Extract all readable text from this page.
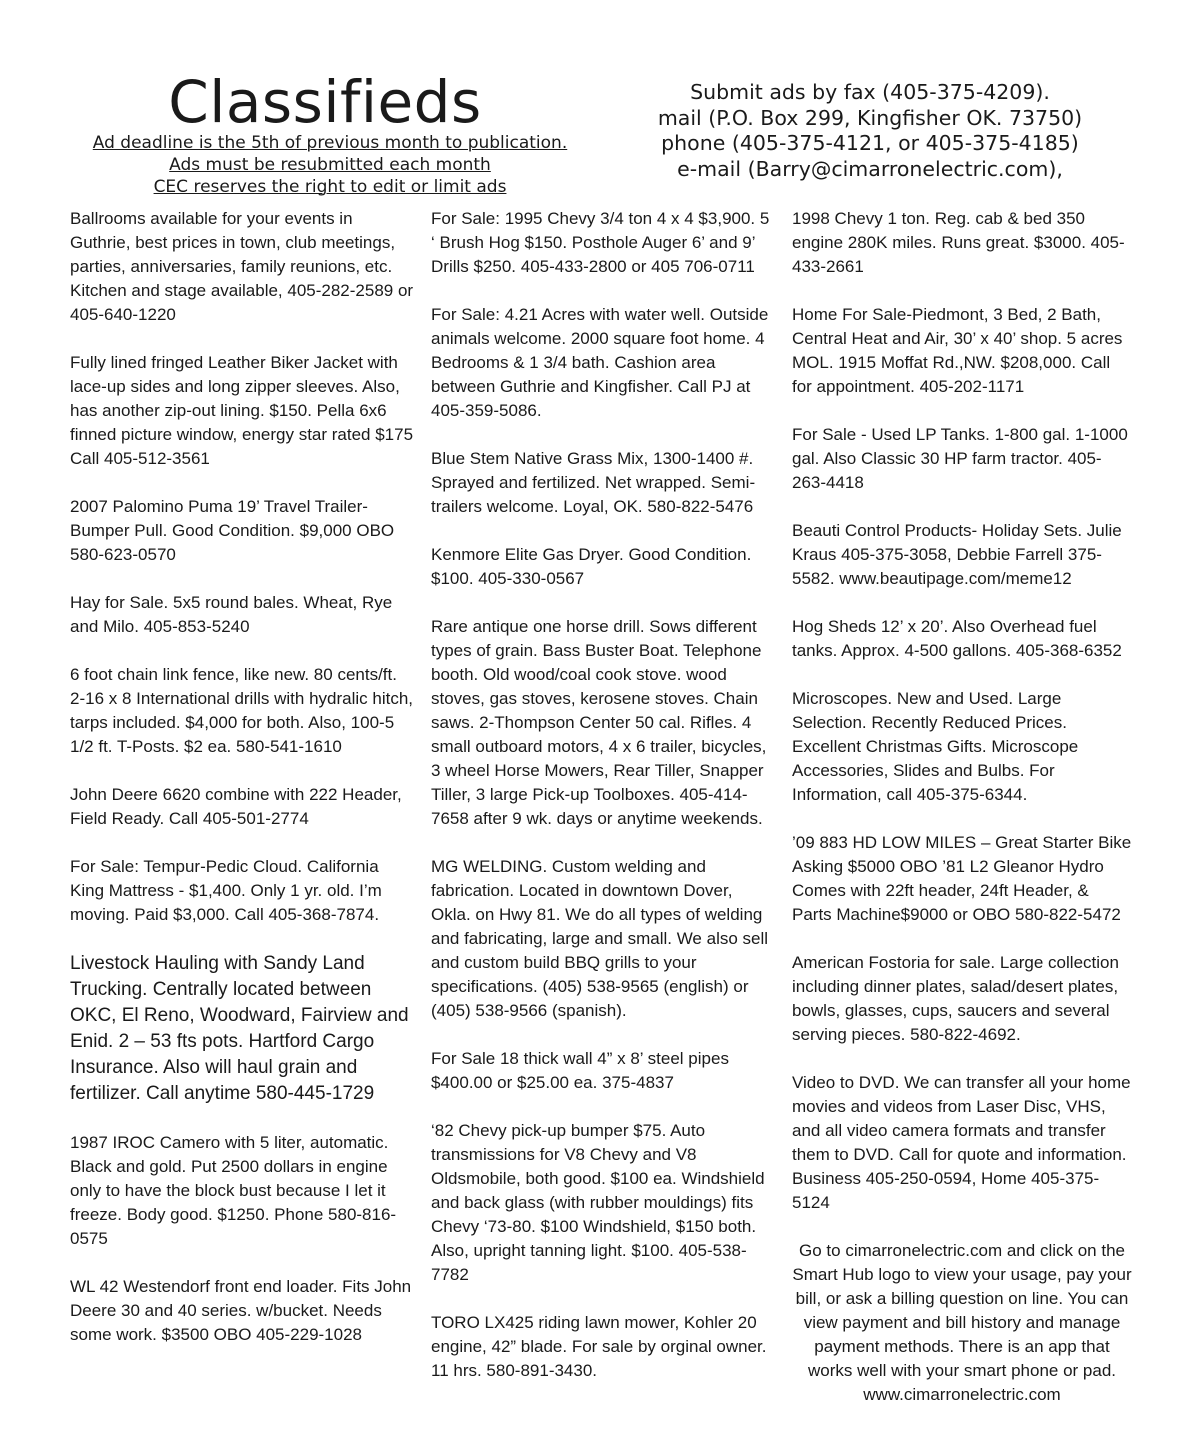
Classifieds
Ad deadline is the 5th of previous month to publication.
Ads must be resubmitted each month
CEC reserves the right to edit or limit ads
Submit ads by fax (405-375-4209).
mail (P.O. Box 299, Kingfisher OK. 73750)
phone (405-375-4121, or 405-375-4185)
e-mail (Barry@cimarronelectric.com),

Ballrooms available for your events in Guthrie, best prices in town, club meetings, parties, anniversaries, family reunions, etc. Kitchen and stage available, 405-282-2589 or 405-640-1220

Fully lined fringed Leather Biker Jacket with lace-up sides and long zipper sleeves. Also, has another zip-out lining. $150. Pella 6x6 finned picture window, energy star rated $175 Call 405-512-3561

2007 Palomino Puma 19’ Travel Trailer-Bumper Pull. Good Condition. $9,000 OBO 580-623-0570

Hay for Sale. 5x5 round bales. Wheat, Rye and Milo. 405-853-5240

6 foot chain link fence, like new. 80 cents/ft. 2-16 x 8 International drills with hydralic hitch, tarps included. $4,000 for both. Also, 100-5 1/2 ft. T-Posts. $2 ea. 580-541-1610

John Deere 6620 combine with 222 Header, Field Ready. Call 405-501-2774

For Sale: Tempur-Pedic Cloud. California King Mattress - $1,400. Only 1 yr. old. I’m moving. Paid $3,000. Call 405-368-7874.

Livestock Hauling with Sandy Land Trucking. Centrally located between OKC, El Reno, Woodward, Fairview and Enid. 2 – 53 fts pots. Hartford Cargo Insurance. Also will haul grain and fertilizer. Call anytime 580-445-1729

1987 IROC Camero with 5 liter, automatic. Black and gold. Put 2500 dollars in engine only to have the block bust because I let it freeze. Body good. $1250. Phone 580-816-0575

WL 42 Westendorf front end loader. Fits John Deere 30 and 40 series. w/bucket. Needs some work. $3500 OBO 405-229-1028

For Sale: 1995 Chevy 3/4 ton 4 x 4 $3,900. 5 ‘ Brush Hog $150. Posthole Auger 6’ and 9’ Drills $250. 405-433-2800 or 405 706-0711

For Sale: 4.21 Acres with water well. Outside animals welcome. 2000 square foot home. 4 Bedrooms & 1 3/4 bath. Cashion area between Guthrie and Kingfisher. Call PJ at 405-359-5086.

Blue Stem Native Grass Mix, 1300-1400 #. Sprayed and fertilized. Net wrapped. Semi-trailers welcome. Loyal, OK. 580-822-5476

Kenmore Elite Gas Dryer. Good Condition. $100. 405-330-0567

Rare antique one horse drill. Sows different types of grain. Bass Buster Boat. Telephone booth. Old wood/coal cook stove. wood stoves, gas stoves, kerosene stoves. Chain saws. 2-Thompson Center 50 cal. Rifles. 4 small outboard motors, 4 x 6 trailer, bicycles, 3 wheel Horse Mowers, Rear Tiller, Snapper Tiller, 3 large Pick-up Toolboxes. 405-414-7658 after 9 wk. days or anytime weekends.

MG WELDING. Custom welding and fabrication. Located in downtown Dover, Okla. on Hwy 81. We do all types of welding and fabricating, large and small. We also sell and custom build BBQ grills to your specifications. (405) 538-9565 (english) or (405) 538-9566 (spanish).

For Sale 18 thick wall 4” x 8’ steel pipes $400.00 or $25.00 ea. 375-4837

‘82 Chevy pick-up bumper $75. Auto transmissions for V8 Chevy and V8 Oldsmobile, both good. $100 ea. Windshield and back glass (with rubber mouldings) fits Chevy ‘73-80. $100 Windshield, $150 both. Also, upright tanning light. $100. 405-538-7782

TORO LX425 riding lawn mower, Kohler 20 engine, 42” blade. For sale by orginal owner. 11 hrs. 580-891-3430.

1998 Chevy 1 ton. Reg. cab & bed 350 engine 280K miles. Runs great. $3000. 405-433-2661

Home For Sale-Piedmont, 3 Bed, 2 Bath, Central Heat and Air, 30’ x 40’ shop. 5 acres MOL. 1915 Moffat Rd.,NW. $208,000. Call for appointment. 405-202-1171

For Sale - Used LP Tanks. 1-800 gal. 1-1000 gal. Also Classic 30 HP farm tractor. 405-263-4418

Beauti Control Products- Holiday Sets. Julie Kraus 405-375-3058, Debbie Farrell 375-5582. www.beautipage.com/meme12

Hog Sheds 12’ x 20’. Also Overhead fuel tanks. Approx. 4-500 gallons. 405-368-6352

Microscopes. New and Used. Large Selection. Recently Reduced Prices. Excellent Christmas Gifts. Microscope Accessories, Slides and Bulbs. For Information, call 405-375-6344.

’09 883 HD LOW MILES – Great Starter Bike Asking $5000 OBO ’81 L2 Gleanor Hydro Comes with 22ft header, 24ft Header, & Parts Machine$9000 or OBO 580-822-5472

American Fostoria for sale. Large collection including dinner plates, salad/desert plates, bowls, glasses, cups, saucers and several serving pieces. 580-822-4692.

Video to DVD. We can transfer all your home movies and videos from Laser Disc, VHS, and all video camera formats and transfer them to DVD. Call for quote and information. Business 405-250-0594, Home 405-375-5124

Go to cimarronelectric.com and click on the Smart Hub logo to view your usage, pay your bill, or ask a billing question on line. You can view payment and bill history and manage payment methods. There is an app that works well with your smart phone or pad. www.cimarronelectric.com
